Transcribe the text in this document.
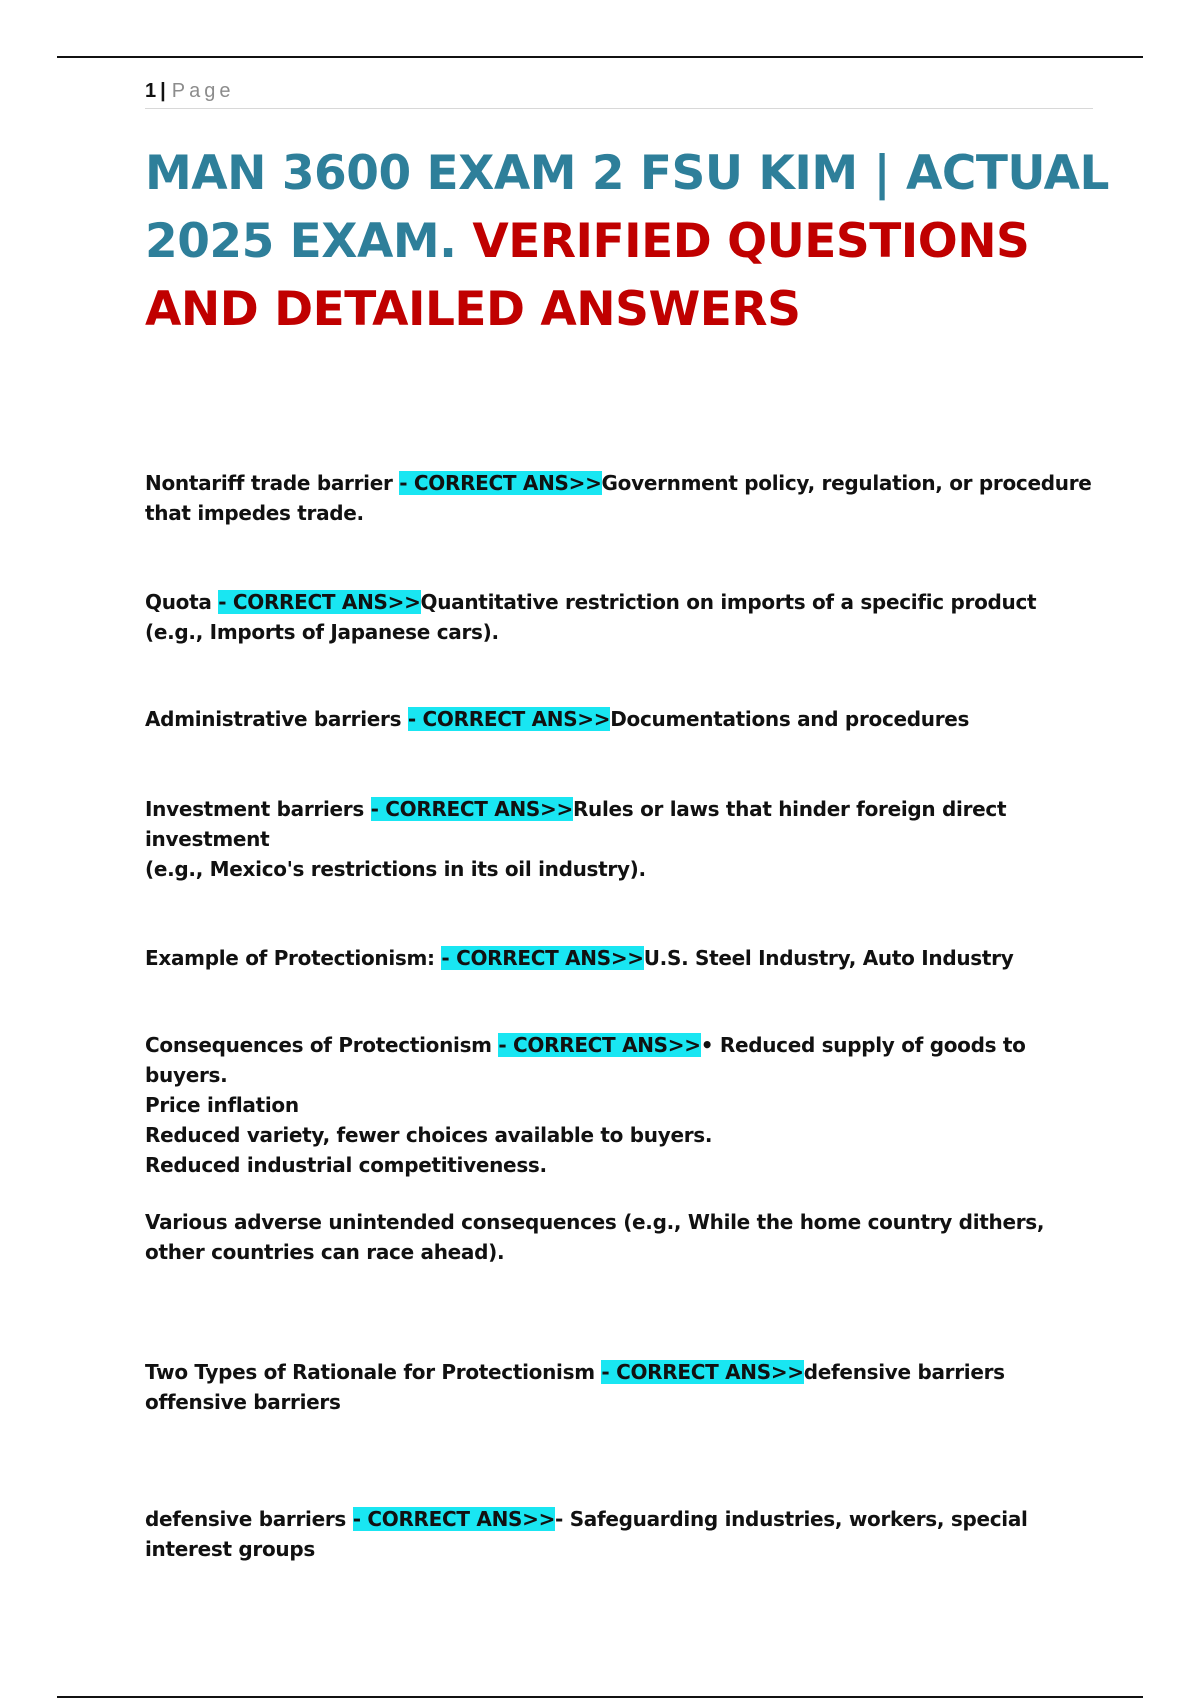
1 | Page
MAN 3600 EXAM 2 FSU KIM | ACTUAL 2025 EXAM. VERIFIED QUESTIONS AND DETAILED ANSWERS

Nontariff trade barrier - CORRECT ANS>>Government policy, regulation, or procedure that impedes trade.

Quota - CORRECT ANS>>Quantitative restriction on imports of a specific product (e.g., Imports of Japanese cars).

Administrative barriers - CORRECT ANS>>Documentations and procedures

Investment barriers - CORRECT ANS>>Rules or laws that hinder foreign direct investment
(e.g., Mexico's restrictions in its oil industry).

Example of Protectionism: - CORRECT ANS>>U.S. Steel Industry, Auto Industry

Consequences of Protectionism - CORRECT ANS>>• Reduced supply of goods to buyers.
Price inflation
Reduced variety, fewer choices available to buyers.
Reduced industrial competitiveness.

Various adverse unintended consequences (e.g., While the home country dithers, other countries can race ahead).

Two Types of Rationale for Protectionism - CORRECT ANS>>defensive barriers
offensive barriers

defensive barriers - CORRECT ANS>>- Safeguarding industries, workers, special interest groups
